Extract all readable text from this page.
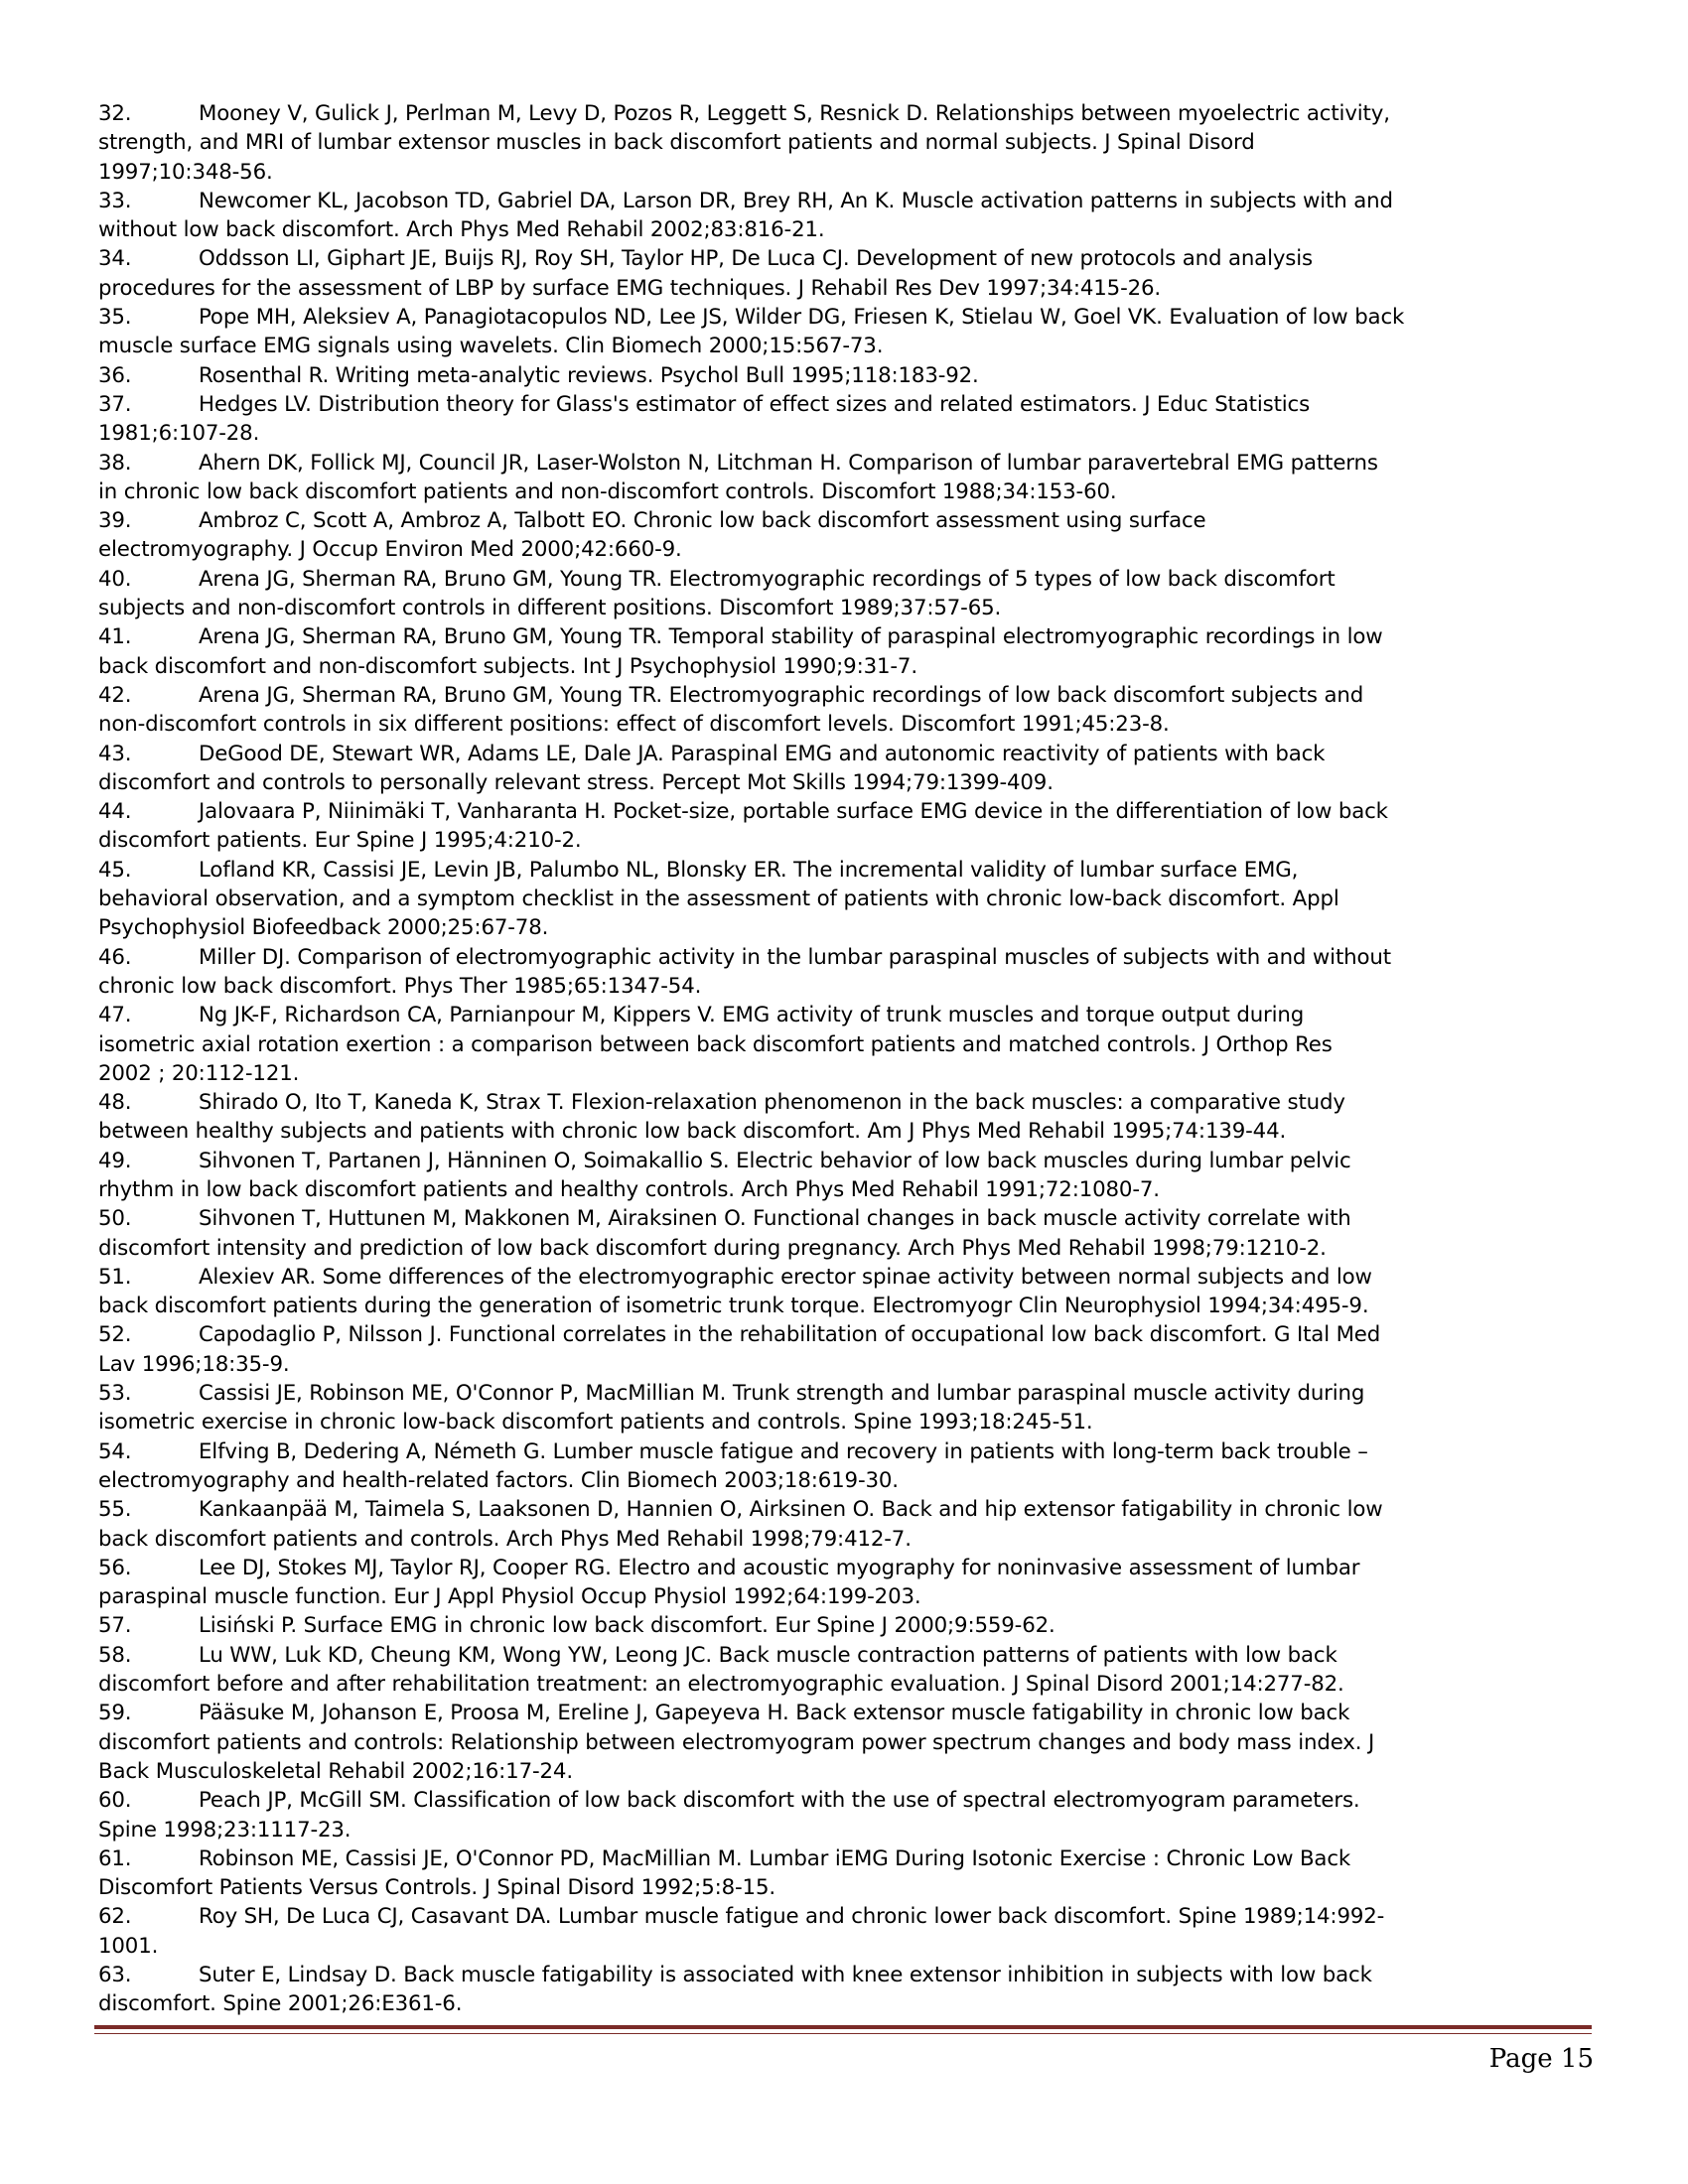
32.	Mooney V, Gulick J, Perlman M, Levy D, Pozos R, Leggett S, Resnick D. Relationships between myoelectric activity,
strength, and MRI of lumbar extensor muscles in back discomfort patients and normal subjects. J Spinal Disord
1997;10:348-56.
33.	Newcomer KL, Jacobson TD, Gabriel DA, Larson DR, Brey RH, An K. Muscle activation patterns in subjects with and
without low back discomfort. Arch Phys Med Rehabil 2002;83:816-21.
34.	Oddsson LI, Giphart JE, Buijs RJ, Roy SH, Taylor HP, De Luca CJ. Development of new protocols and analysis
procedures for the assessment of LBP by surface EMG techniques. J Rehabil Res Dev 1997;34:415-26.
35.	Pope MH, Aleksiev A, Panagiotacopulos ND, Lee JS, Wilder DG, Friesen K, Stielau W, Goel VK. Evaluation of low back
muscle surface EMG signals using wavelets. Clin Biomech 2000;15:567-73.
36.	Rosenthal R. Writing meta-analytic reviews. Psychol Bull 1995;118:183-92.
37.	Hedges LV. Distribution theory for Glass's estimator of effect sizes and related estimators. J Educ Statistics
1981;6:107-28.
38.	Ahern DK, Follick MJ, Council JR, Laser-Wolston N, Litchman H. Comparison of lumbar paravertebral EMG patterns
in chronic low back discomfort patients and non-discomfort controls. Discomfort 1988;34:153-60.
39.	Ambroz C, Scott A, Ambroz A, Talbott EO. Chronic low back discomfort assessment using surface
electromyography. J Occup Environ Med 2000;42:660-9.
40.	Arena JG, Sherman RA, Bruno GM, Young TR. Electromyographic recordings of 5 types of low back discomfort
subjects and non-discomfort controls in different positions. Discomfort 1989;37:57-65.
41.	Arena JG, Sherman RA, Bruno GM, Young TR. Temporal stability of paraspinal electromyographic recordings in low
back discomfort and non-discomfort subjects. Int J Psychophysiol 1990;9:31-7.
42.	Arena JG, Sherman RA, Bruno GM, Young TR. Electromyographic recordings of low back discomfort subjects and
non-discomfort controls in six different positions: effect of discomfort levels. Discomfort 1991;45:23-8.
43.	DeGood DE, Stewart WR, Adams LE, Dale JA. Paraspinal EMG and autonomic reactivity of patients with back
discomfort and controls to personally relevant stress. Percept Mot Skills 1994;79:1399-409.
44.	Jalovaara P, Niinimäki T, Vanharanta H. Pocket-size, portable surface EMG device in the differentiation of low back
discomfort patients. Eur Spine J 1995;4:210-2.
45.	Lofland KR, Cassisi JE, Levin JB, Palumbo NL, Blonsky ER. The incremental validity of lumbar surface EMG,
behavioral observation, and a symptom checklist in the assessment of patients with chronic low-back discomfort. Appl
Psychophysiol Biofeedback 2000;25:67-78.
46.	Miller DJ. Comparison of electromyographic activity in the lumbar paraspinal muscles of subjects with and without
chronic low back discomfort. Phys Ther 1985;65:1347-54.
47.	Ng JK-F, Richardson CA, Parnianpour M, Kippers V. EMG activity of trunk muscles and torque output during
isometric axial rotation exertion : a comparison between back discomfort patients and matched controls. J Orthop Res
2002 ; 20:112-121.
48.	Shirado O, Ito T, Kaneda K, Strax T. Flexion-relaxation phenomenon in the back muscles: a comparative study
between healthy subjects and patients with chronic low back discomfort. Am J Phys Med Rehabil 1995;74:139-44.
49.	Sihvonen T, Partanen J, Hänninen O, Soimakallio S. Electric behavior of low back muscles during lumbar pelvic
rhythm in low back discomfort patients and healthy controls. Arch Phys Med Rehabil 1991;72:1080-7.
50.	Sihvonen T, Huttunen M, Makkonen M, Airaksinen O. Functional changes in back muscle activity correlate with
discomfort intensity and prediction of low back discomfort during pregnancy. Arch Phys Med Rehabil 1998;79:1210-2.
51.	Alexiev AR. Some differences of the electromyographic erector spinae activity between normal subjects and low
back discomfort patients during the generation of isometric trunk torque. Electromyogr Clin Neurophysiol 1994;34:495-9.
52.	Capodaglio P, Nilsson J. Functional correlates in the rehabilitation of occupational low back discomfort. G Ital Med
Lav 1996;18:35-9.
53.	Cassisi JE, Robinson ME, O'Connor P, MacMillian M. Trunk strength and lumbar paraspinal muscle activity during
isometric exercise in chronic low-back discomfort patients and controls. Spine 1993;18:245-51.
54.	Elfving B, Dedering A, Németh G. Lumber muscle fatigue and recovery in patients with long-term back trouble –
electromyography and health-related factors. Clin Biomech 2003;18:619-30.
55.	Kankaanpää M, Taimela S, Laaksonen D, Hannien O, Airksinen O. Back and hip extensor fatigability in chronic low
back discomfort patients and controls. Arch Phys Med Rehabil 1998;79:412-7.
56.	Lee DJ, Stokes MJ, Taylor RJ, Cooper RG. Electro and acoustic myography for noninvasive assessment of lumbar
paraspinal muscle function. Eur J Appl Physiol Occup Physiol 1992;64:199-203.
57.	Lisiński P. Surface EMG in chronic low back discomfort. Eur Spine J 2000;9:559-62.
58.	Lu WW, Luk KD, Cheung KM, Wong YW, Leong JC. Back muscle contraction patterns of patients with low back
discomfort before and after rehabilitation treatment: an electromyographic evaluation. J Spinal Disord 2001;14:277-82.
59.	Pääsuke M, Johanson E, Proosa M, Ereline J, Gapeyeva H. Back extensor muscle fatigability in chronic low back
discomfort patients and controls: Relationship between electromyogram power spectrum changes and body mass index. J
Back Musculoskeletal Rehabil 2002;16:17-24.
60.	Peach JP, McGill SM. Classification of low back discomfort with the use of spectral electromyogram parameters.
Spine 1998;23:1117-23.
61.	Robinson ME, Cassisi JE, O'Connor PD, MacMillian M. Lumbar iEMG During Isotonic Exercise : Chronic Low Back
Discomfort Patients Versus Controls. J Spinal Disord 1992;5:8-15.
62.	Roy SH, De Luca CJ, Casavant DA. Lumbar muscle fatigue and chronic lower back discomfort. Spine 1989;14:992-
1001.
63.	Suter E, Lindsay D. Back muscle fatigability is associated with knee extensor inhibition in subjects with low back
discomfort. Spine 2001;26:E361-6.
Page 15
